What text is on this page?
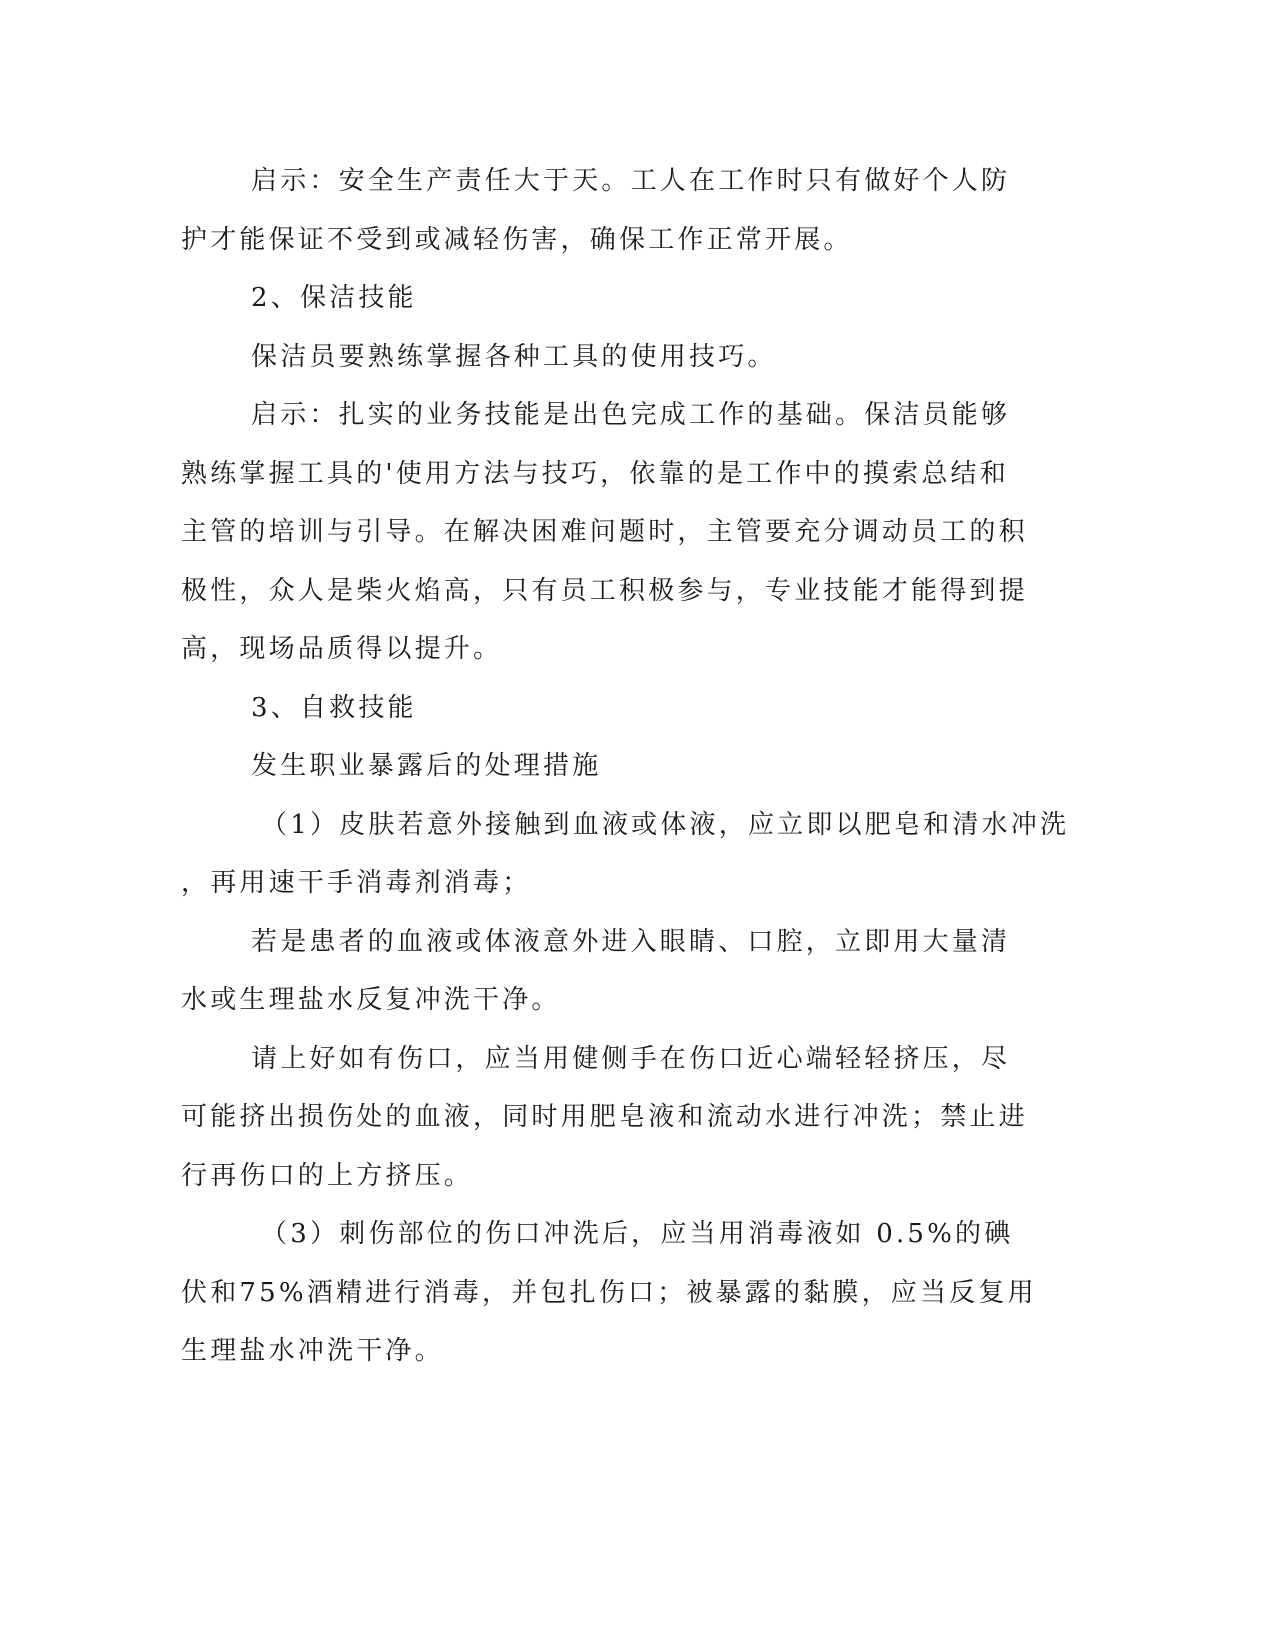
启示：安全生产责任大于天。工人在工作时只有做好个人防护才能保证不受到或减轻伤害，确保工作正常开展。

2、保洁技能

保洁员要熟练掌握各种工具的使用技巧。

启示：扎实的业务技能是出色完成工作的基础。保洁员能够熟练掌握工具的'使用方法与技巧，依靠的是工作中的摸索总结和主管的培训与引导。在解决困难问题时，主管要充分调动员工的积极性，众人是柴火焰高，只有员工积极参与，专业技能才能得到提高，现场品质得以提升。

3、自救技能

发生职业暴露后的处理措施

（1）皮肤若意外接触到血液或体液，应立即以肥皂和清水冲洗

，再用速干手消毒剂消毒；

若是患者的血液或体液意外进入眼睛、口腔，立即用大量清水或生理盐水反复冲洗干净。

请上好如有伤口，应当用健侧手在伤口近心端轻轻挤压，尽可能挤出损伤处的血液，同时用肥皂液和流动水进行冲洗；禁止进行再伤口的上方挤压。

（3）刺伤部位的伤口冲洗后，应当用消毒液如 0.5%的碘伏和75%酒精进行消毒，并包扎伤口；被暴露的黏膜，应当反复用生理盐水冲洗干净。
